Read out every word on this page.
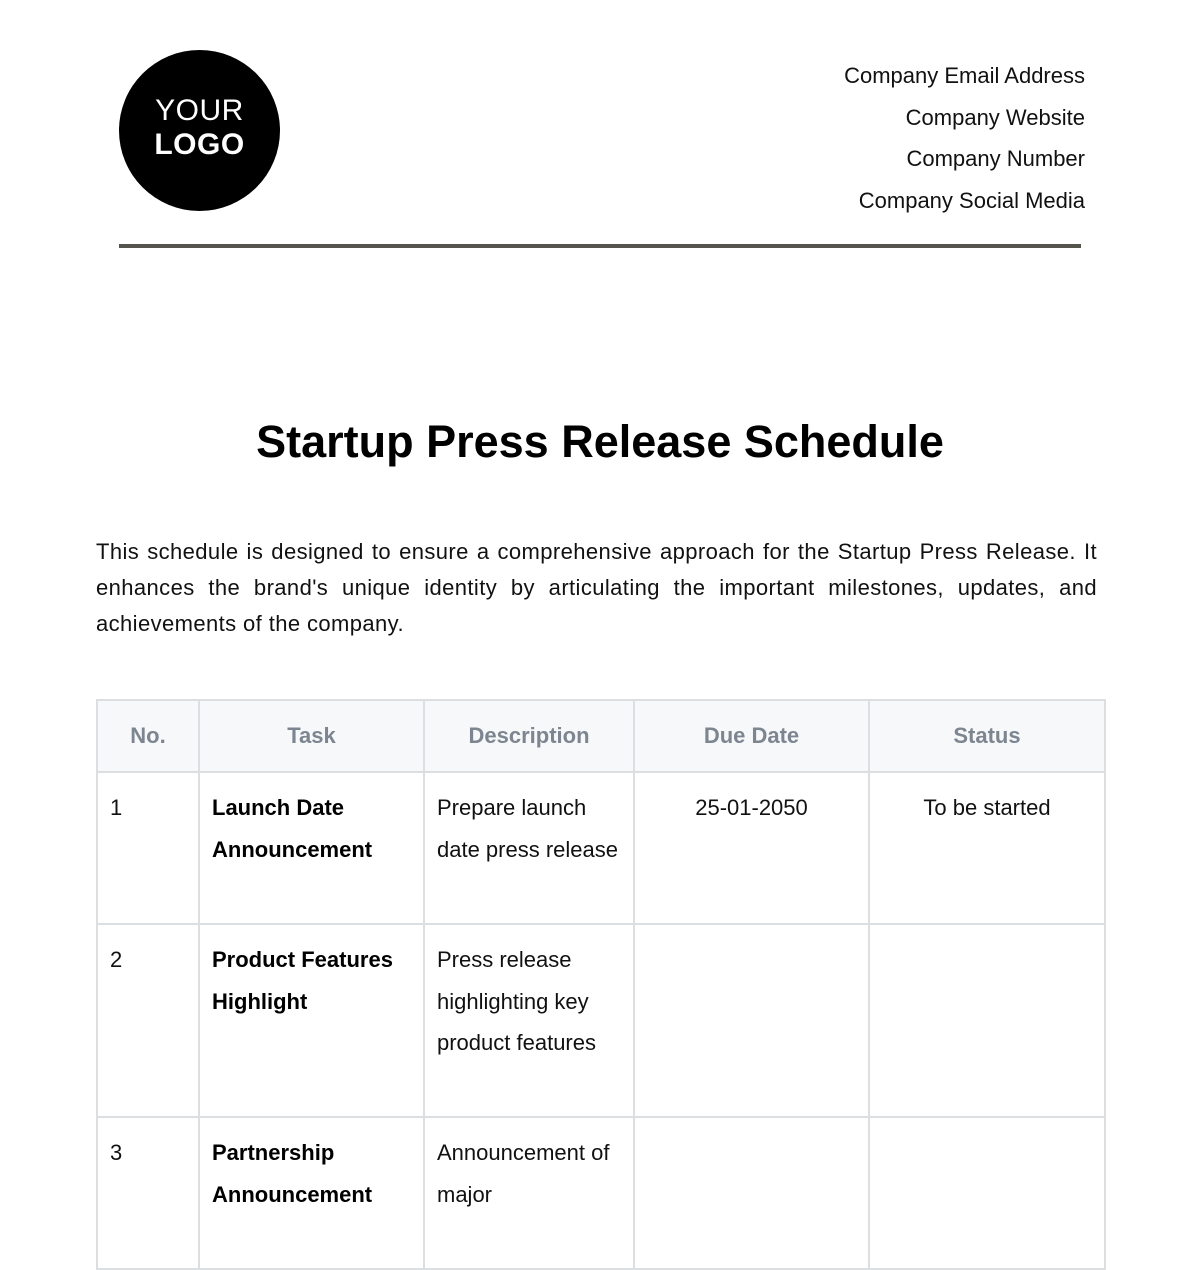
YOUR
LOGO
Company Email Address
Company Website
Company Number
Company Social Media
Startup Press Release Schedule

This schedule is designed to ensure a comprehensive approach for the Startup Press Release. It enhances the brand's unique identity by articulating the important milestones, updates, and achievements of the company.

No.	Task	Description	Due Date	Status
1	Launch Date Announcement	Prepare launch date press release	25-01-2050	To be started
2	Product Features Highlight	Press release highlighting key product features		
3	Partnership Announcement	Announcement of major		
